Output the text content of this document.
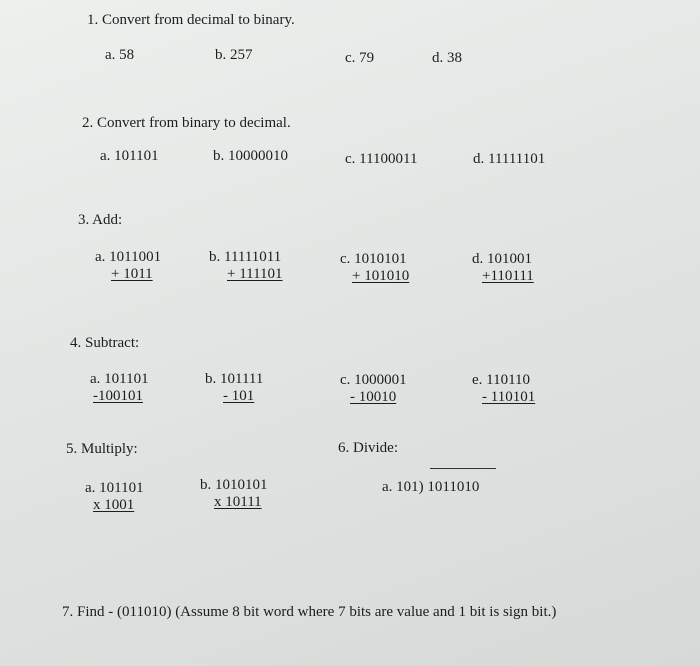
1. Convert from decimal to binary.
a. 58	b. 257	c. 79	d. 38
2. Convert from binary to decimal.
a. 101101	b. 10000010	c. 11100011	d. 11111101
3. Add:
a. 1011001
+ 1011
b. 11111011
+ 111101
c. 1010101
+ 101010
d. 101001
+110111
4. Subtract:
a. 101101
-100101
b. 101111
- 101
c. 1000001
- 10010
e. 110110
- 110101
5. Multiply:
a. 101101
x 1001
b. 1010101
x 10111
6. Divide:
a. 101) 1011010
7. Find - (011010) (Assume 8 bit word where 7 bits are value and 1 bit is sign bit.)
